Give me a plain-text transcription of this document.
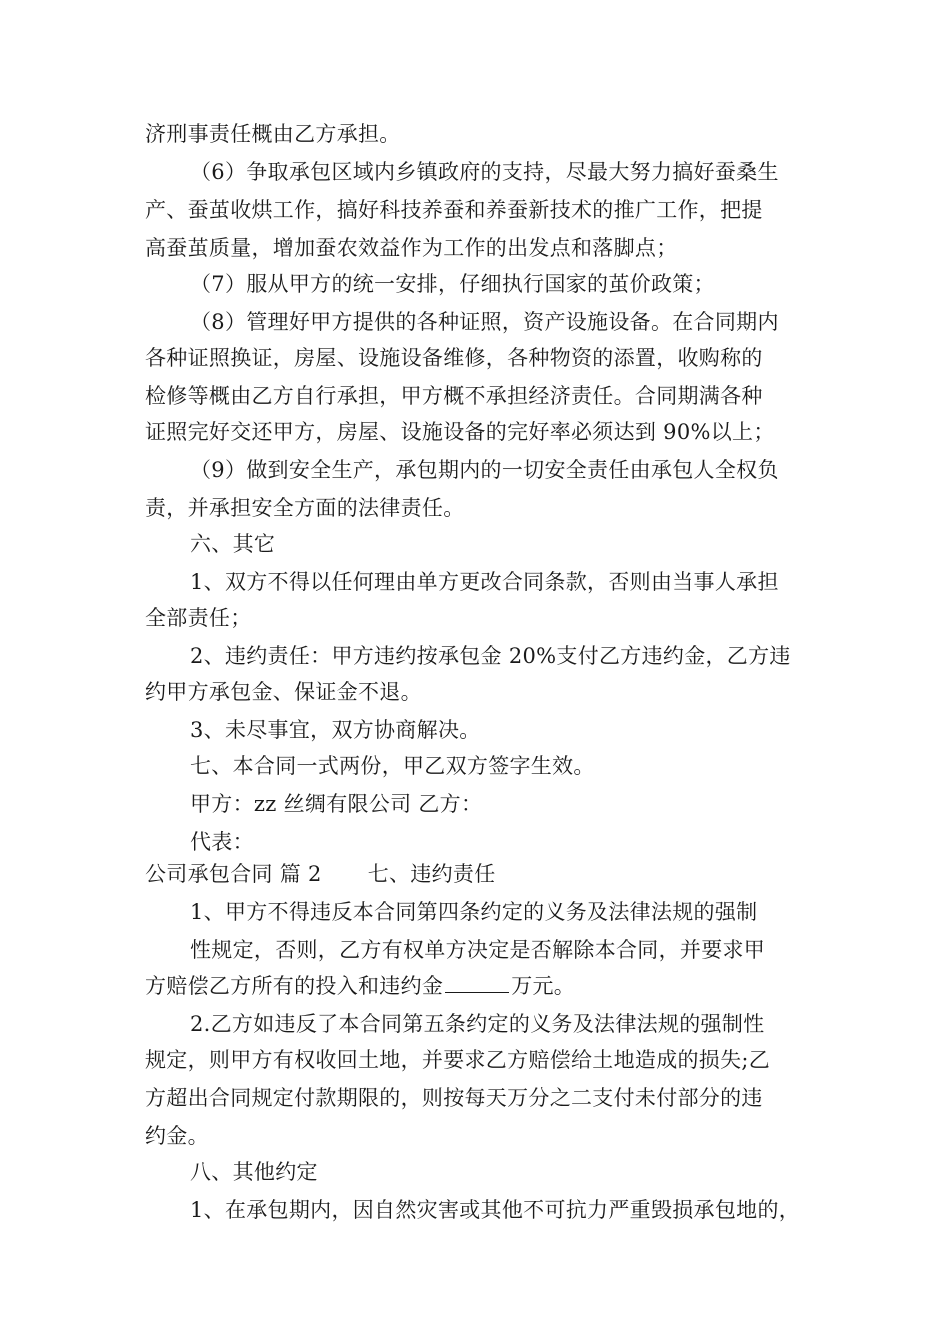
济刑事责任概由乙方承担。
（6）争取承包区域内乡镇政府的支持，尽最大努力搞好蚕桑生
产、蚕茧收烘工作，搞好科技养蚕和养蚕新技术的推广工作，把提
高蚕茧质量，增加蚕农效益作为工作的出发点和落脚点；
（7）服从甲方的统一安排，仔细执行国家的茧价政策；
（8）管理好甲方提供的各种证照，资产设施设备。在合同期内
各种证照换证，房屋、设施设备维修，各种物资的添置，收购称的
检修等概由乙方自行承担，甲方概不承担经济责任。合同期满各种
证照完好交还甲方，房屋、设施设备的完好率必须达到 90%以上；
（9）做到安全生产，承包期内的一切安全责任由承包人全权负
责，并承担安全方面的法律责任。
六、其它
1、双方不得以任何理由单方更改合同条款，否则由当事人承担
全部责任；
2、违约责任：甲方违约按承包金 20%支付乙方违约金，乙方违
约甲方承包金、保证金不退。
3、未尽事宜，双方协商解决。
七、本合同一式两份，甲乙双方签字生效。
甲方：zz 丝绸有限公司 乙方：
代表：
公司承包合同 篇 2 七、违约责任
1、甲方不得违反本合同第四条约定的义务及法律法规的强制
性规定，否则，乙方有权单方决定是否解除本合同，并要求甲
方赔偿乙方所有的投入和违约金	万元。
2.乙方如违反了本合同第五条约定的义务及法律法规的强制性
规定，则甲方有权收回土地，并要求乙方赔偿给土地造成的损失;乙
方超出合同规定付款期限的，则按每天万分之二支付未付部分的违
约金。
八、其他约定
1、在承包期内，因自然灾害或其他不可抗力严重毁损承包地的，
